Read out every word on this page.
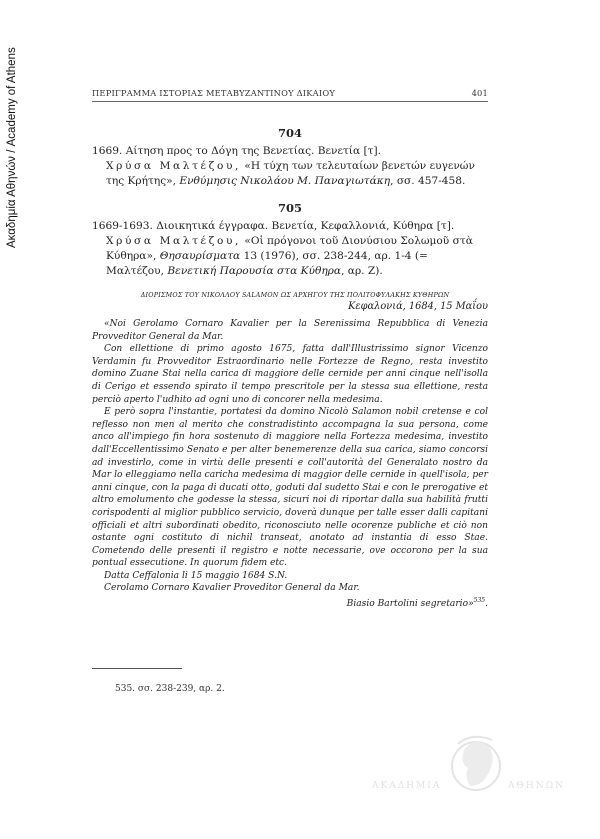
Ακαδημία Αθηνών / Academy of Athens	ΠΕΡΙΓΡΑΜΜΑ ΙΣΤΟΡΙΑΣ ΜΕΤΑΒΥΖΑΝΤΙΝΟΥ ΔΙΚΑΙΟΥ	401
704
1669. Αίτηση προς το Δόγη της Βενετίας. Βενετία [τ].
Χρύσα Μαλτέζου, «Η τύχη των τελευταίων βενετών ευγενών της Κρήτης», Ενθύμησις Νικολάου Μ. Παναγιωτάκη, σσ. 457-458.
705
1669-1693. Διοικητικά έγγραφα. Βενετία, Κεφαλλονιά, Κύθηρα [τ].
Χρύσα Μαλτέζου, «Οἱ πρόγονοι τοῦ Διονύσιου Σολωμοῦ στὰ Κύθηρα», Θησαυρίσματα 13 (1976), σσ. 238-244, αρ. 1-4 (= Μαλτέζου, Βενετική Παρουσία στα Κύθηρα, αρ. Z).
ΔΙΟΡΙΣΜΟΣ ΤΟΥ ΝΙΚΟΛΛΟΥ SALAMON ΩΣ ΑΡΧΗΓΟΥ ΤΗΣ ΠΟΛΙΤΟΦΥΛΑΚΗΣ ΚΥΘΗΡΩΝ
Κεφαλονιά, 1684, 15 Μαΐου

«Noi Gerolamo Cornaro Kavalier per la Serenissima Repubblica di Venezia Provveditor General da Mar.

Con ellettione di primo agosto 1675, fatta dall'Illustrissimo signor Vicenzo Verdamin fu Provveditor Estraordinario nelle Fortezze de Regno, resta investito domino Zuane Stai nella carica di maggiore delle cernide per anni cinque nell'isolla di Cerigo et essendo spirato il tempo prescritole per la stessa sua ellettione, resta perciò aperto l'udhito ad ogni uno di concorer nella medesima.

E però sopra l'instantie, portatesi da domino Nicolò Salamon nobil cretense e col reflesso non men al merito che constradistinto accompagna la sua persona, come anco all'impiego fin hora sostenuto di maggiore nella Fortezza medesima, investito dall'Eccellentissimo Senato e per alter benemerenze della sua carica, siamo concorsi ad investirlo, come in virtù delle presenti e coll'autorità del Generalato nostro da Mar lo elleggiamo nella caricha medesima di maggior delle cernide in quell'isola, per anni cinque, con la paga di ducati otto, goduti dal sudetto Stai e con le prerogative et altro emolumento che godesse la stessa, sicuri noi di riportar dalla sua habilità frutti corispodenti al miglior pubblico servicio, doverà dunque per talle esser dalli capitani officiali et altri subordinati obedito, riconosciuto nelle ocorenze publiche et ciò non ostante ogni costituto di nichil transeat, anotato ad instantia di esso Stae. Cometendo delle presenti il registro e notte necessarie, ove occorono per la sua pontual essecutione. In quorum fidem etc.

Datta Ceffalonia li 15 maggio 1684 S.N.

Cerolamo Cornaro Kavalier Proveditor General da Mar.

Biasio Bartolini segretario»$^{535}$.

535. σσ. 238-239, αρ. 2.
ΑΚΑΔΗΜΙΑ	ΑΘΗΝΩΝ
